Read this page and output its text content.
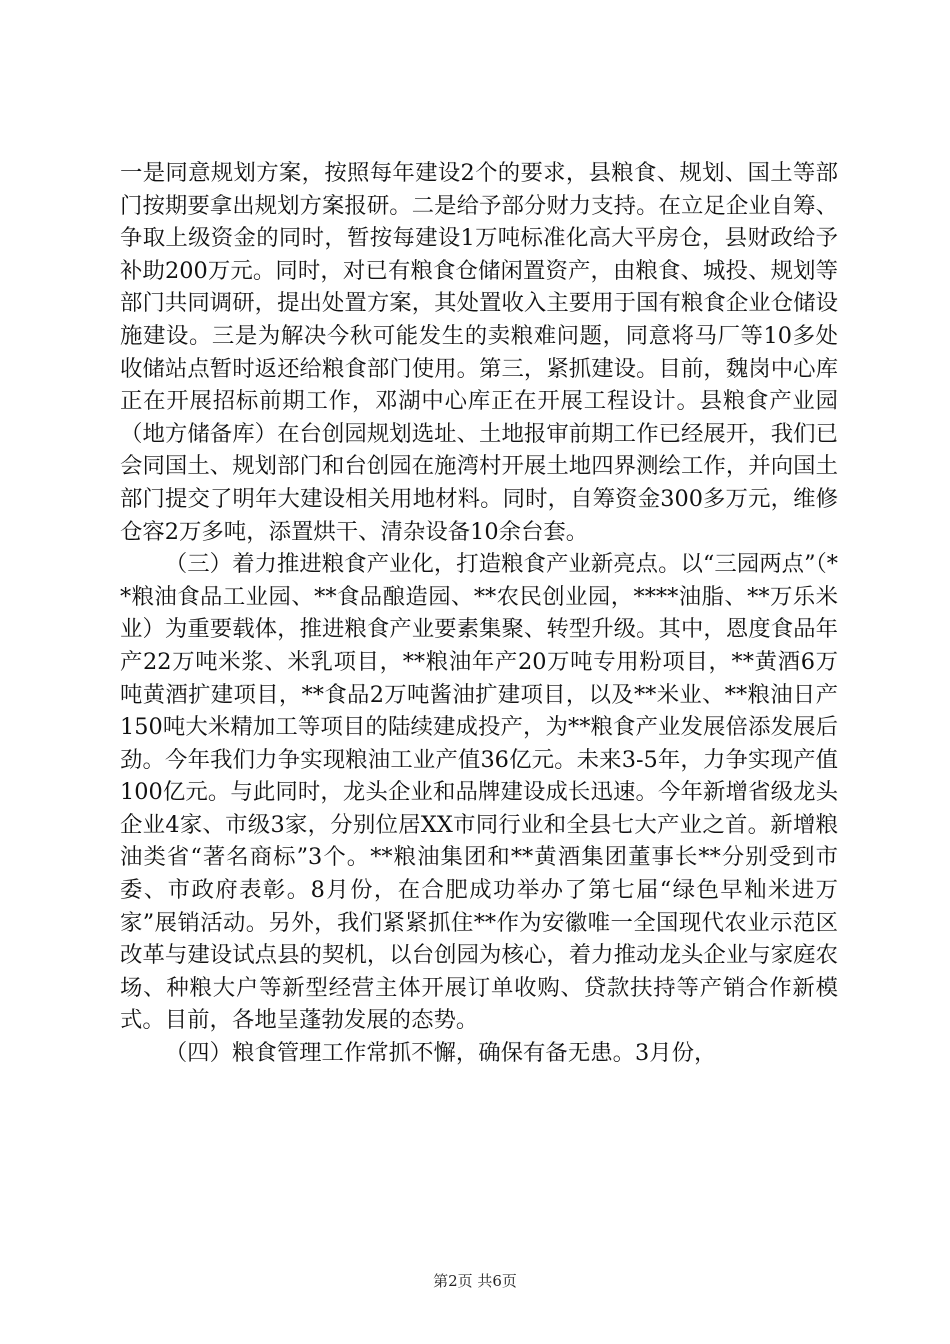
一是同意规划方案，按照每年建设2个的要求，县粮食、规划、国土等部门按期要拿出规划方案报研。二是给予部分财力支持。在立足企业自筹、争取上级资金的同时，暂按每建设1万吨标准化高大平房仓，县财政给予补助200万元。同时，对已有粮食仓储闲置资产，由粮食、城投、规划等部门共同调研，提出处置方案，其处置收入主要用于国有粮食企业仓储设施建设。三是为解决今秋可能发生的卖粮难问题，同意将马厂等10多处收储站点暂时返还给粮食部门使用。第三，紧抓建设。目前，魏岗中心库正在开展招标前期工作，邓湖中心库正在开展工程设计。县粮食产业园（地方储备库）在台创园规划选址、土地报审前期工作已经展开，我们已会同国土、规划部门和台创园在施湾村开展土地四界测绘工作，并向国土部门提交了明年大建设相关用地材料。同时，自筹资金300多万元，维修仓容2万多吨，添置烘干、清杂设备10余台套。

（三）着力推进粮食产业化，打造粮食产业新亮点。以“三园两点”（**粮油食品工业园、**食品酿造园、**农民创业园，****油脂、**万乐米业）为重要载体，推进粮食产业要素集聚、转型升级。其中，恩度食品年产22万吨米浆、米乳项目，**粮油年产20万吨专用粉项目，**黄酒6万吨黄酒扩建项目，**食品2万吨酱油扩建项目，以及**米业、**粮油日产150吨大米精加工等项目的陆续建成投产，为**粮食产业发展倍添发展后劲。今年我们力争实现粮油工业产值36亿元。未来3-5年，力争实现产值100亿元。与此同时，龙头企业和品牌建设成长迅速。今年新增省级龙头企业4家、市级3家，分别位居XX市同行业和全县七大产业之首。新增粮油类省“著名商标”3个。**粮油集团和**黄酒集团董事长**分别受到市委、市政府表彰。8月份，在合肥成功举办了第七届“绿色早籼米进万家”展销活动。另外，我们紧紧抓住**作为安徽唯一全国现代农业示范区改革与建设试点县的契机，以台创园为核心，着力推动龙头企业与家庭农场、种粮大户等新型经营主体开展订单收购、贷款扶持等产销合作新模式。目前，各地呈蓬勃发展的态势。

（四）粮食管理工作常抓不懈，确保有备无患。3月份，

第2页 共6页
